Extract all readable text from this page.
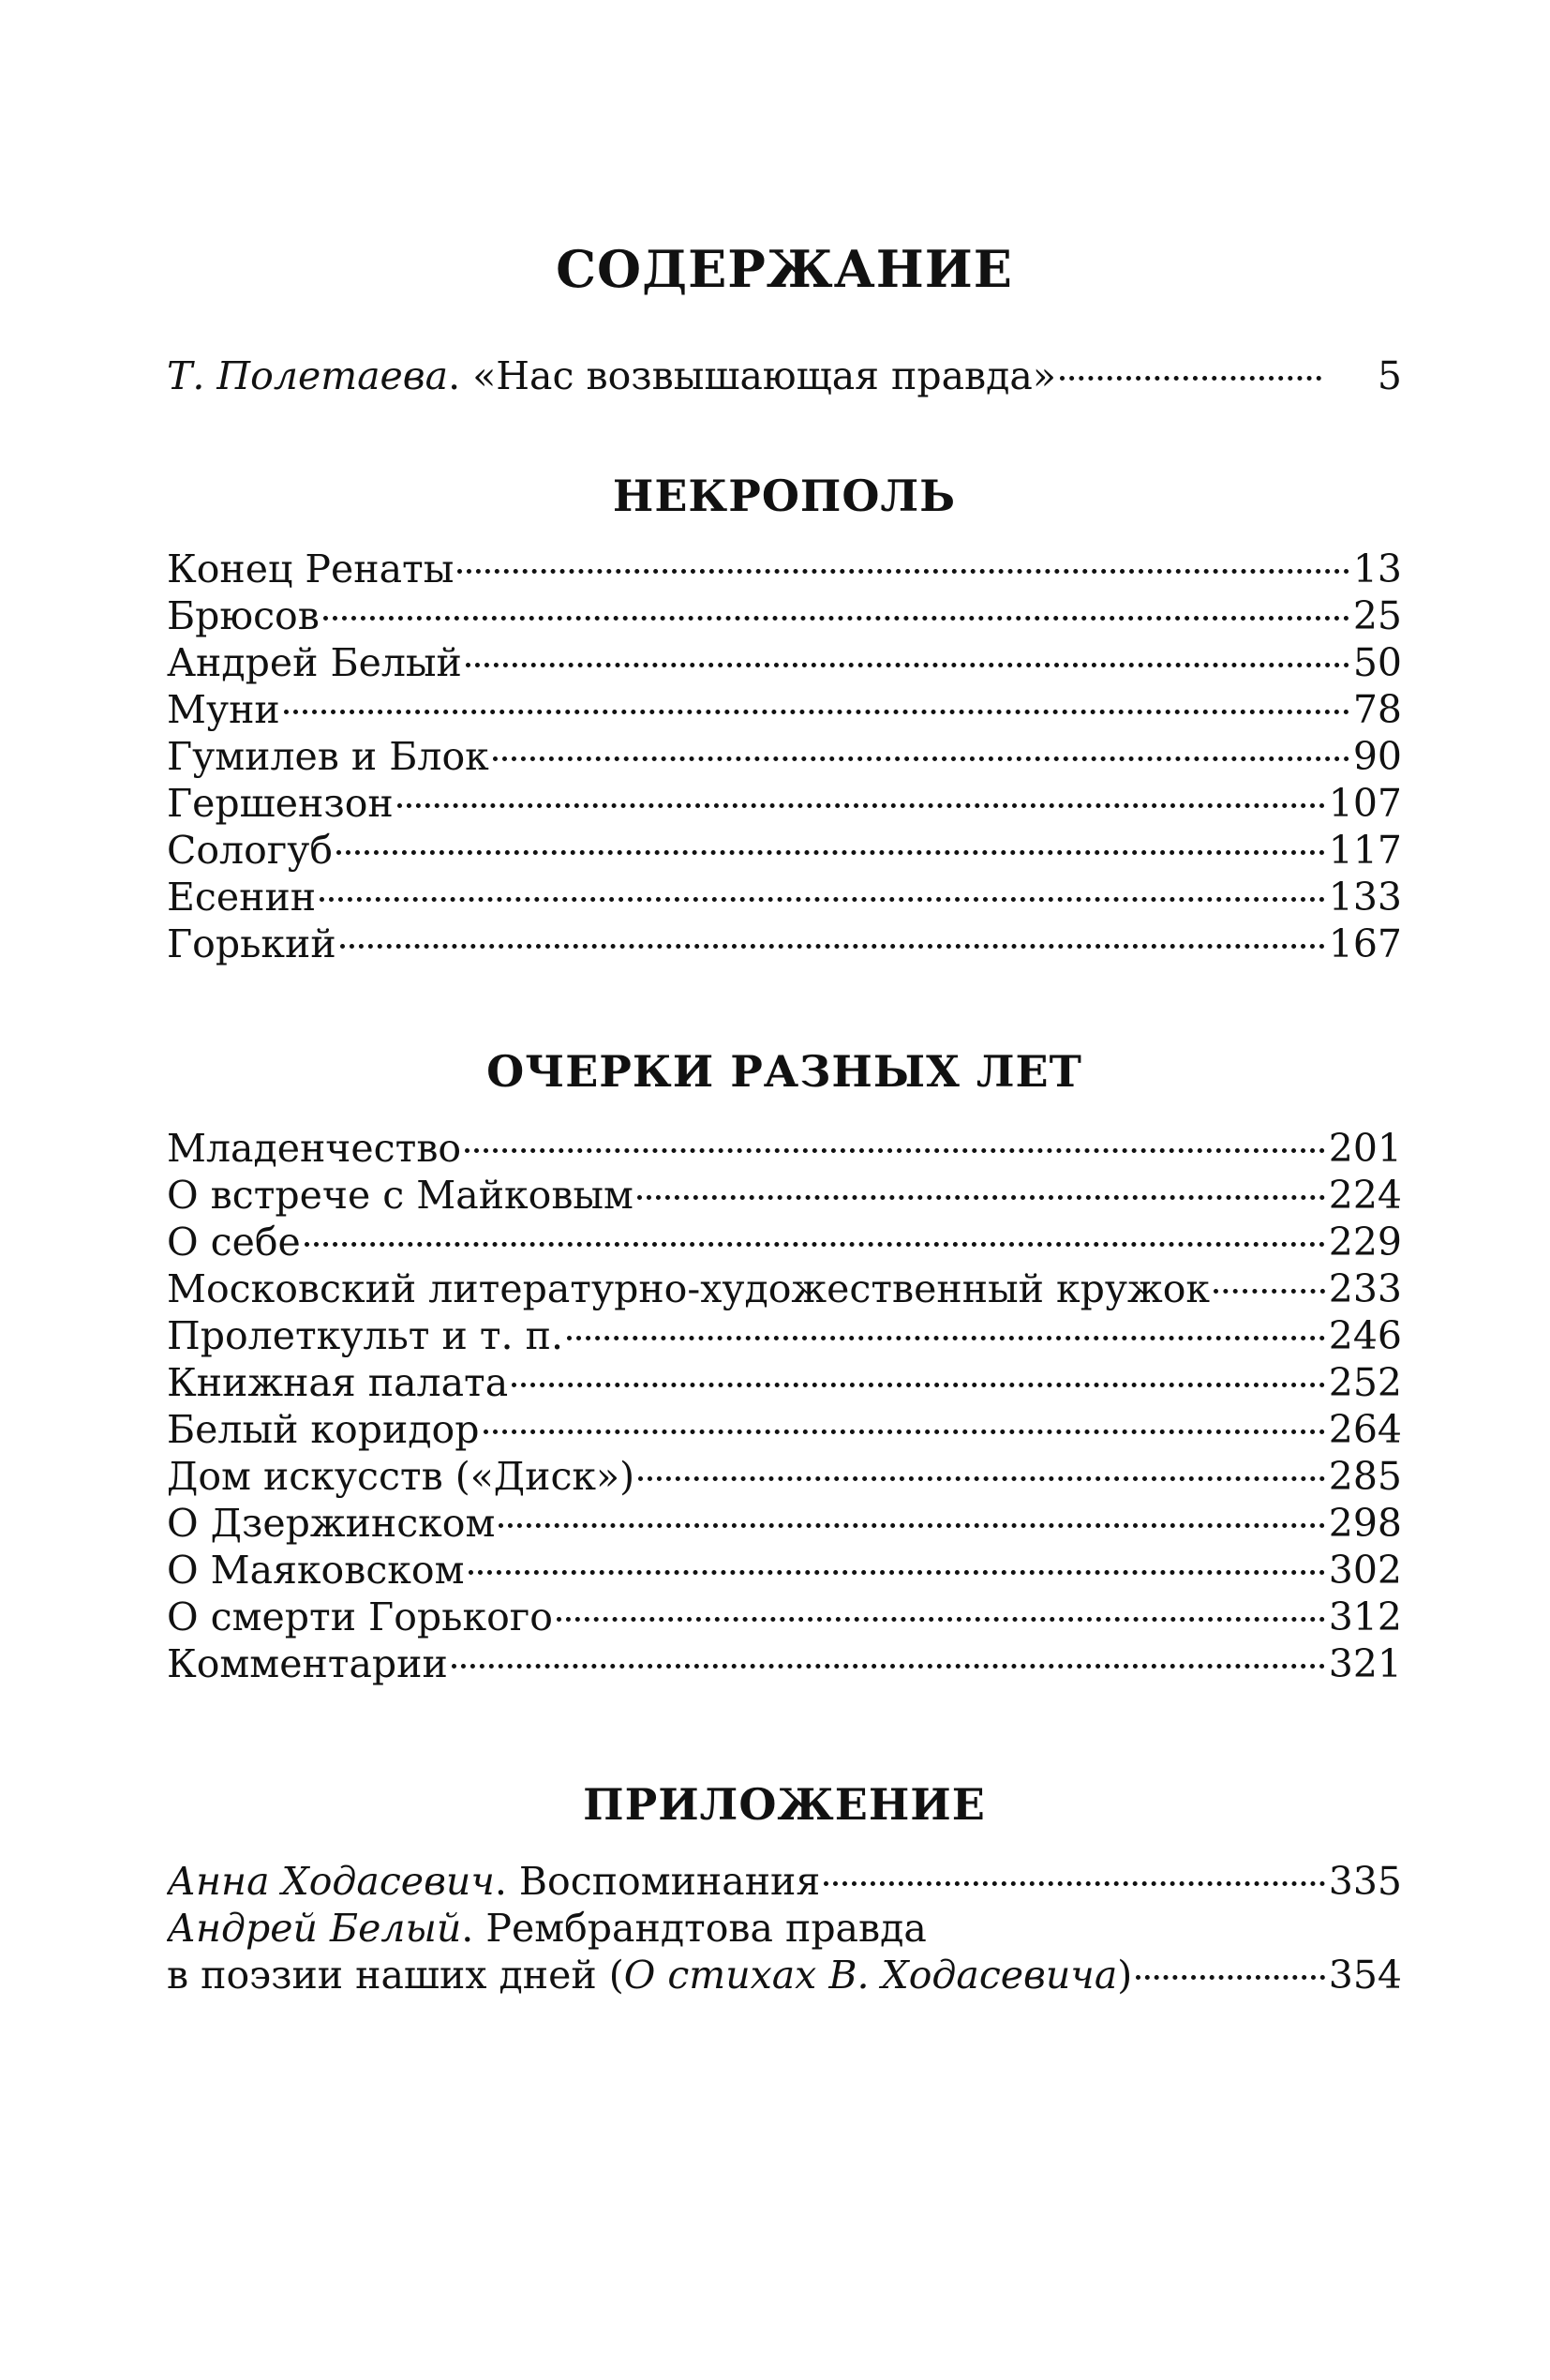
СОДЕРЖАНИЕ
Т. Полетаева. «Нас возвышающая правда»	5
НЕКРОПОЛЬ
Конец Ренаты	13
Брюсов	25
Андрей Белый	50
Муни	78
Гумилев и Блок	90
Гершензон	107
Сологуб	117
Есенин	133
Горький	167
ОЧЕРКИ РАЗНЫХ ЛЕТ
Младенчество	201
О встрече с Майковым	224
О себе	229
Московский литературно-художественный кружок	233
Пролеткульт и т. п.	246
Книжная палата	252
Белый коридор	264
Дом искусств («Диск»)	285
О Дзержинском	298
О Маяковском	302
О смерти Горького	312
Комментарии	321
ПРИЛОЖЕНИЕ
Анна Ходасевич. Воспоминания	335
Андрей Белый. Рембрандтова правда
в поэзии наших дней (О стихах В. Ходасевича)	354
